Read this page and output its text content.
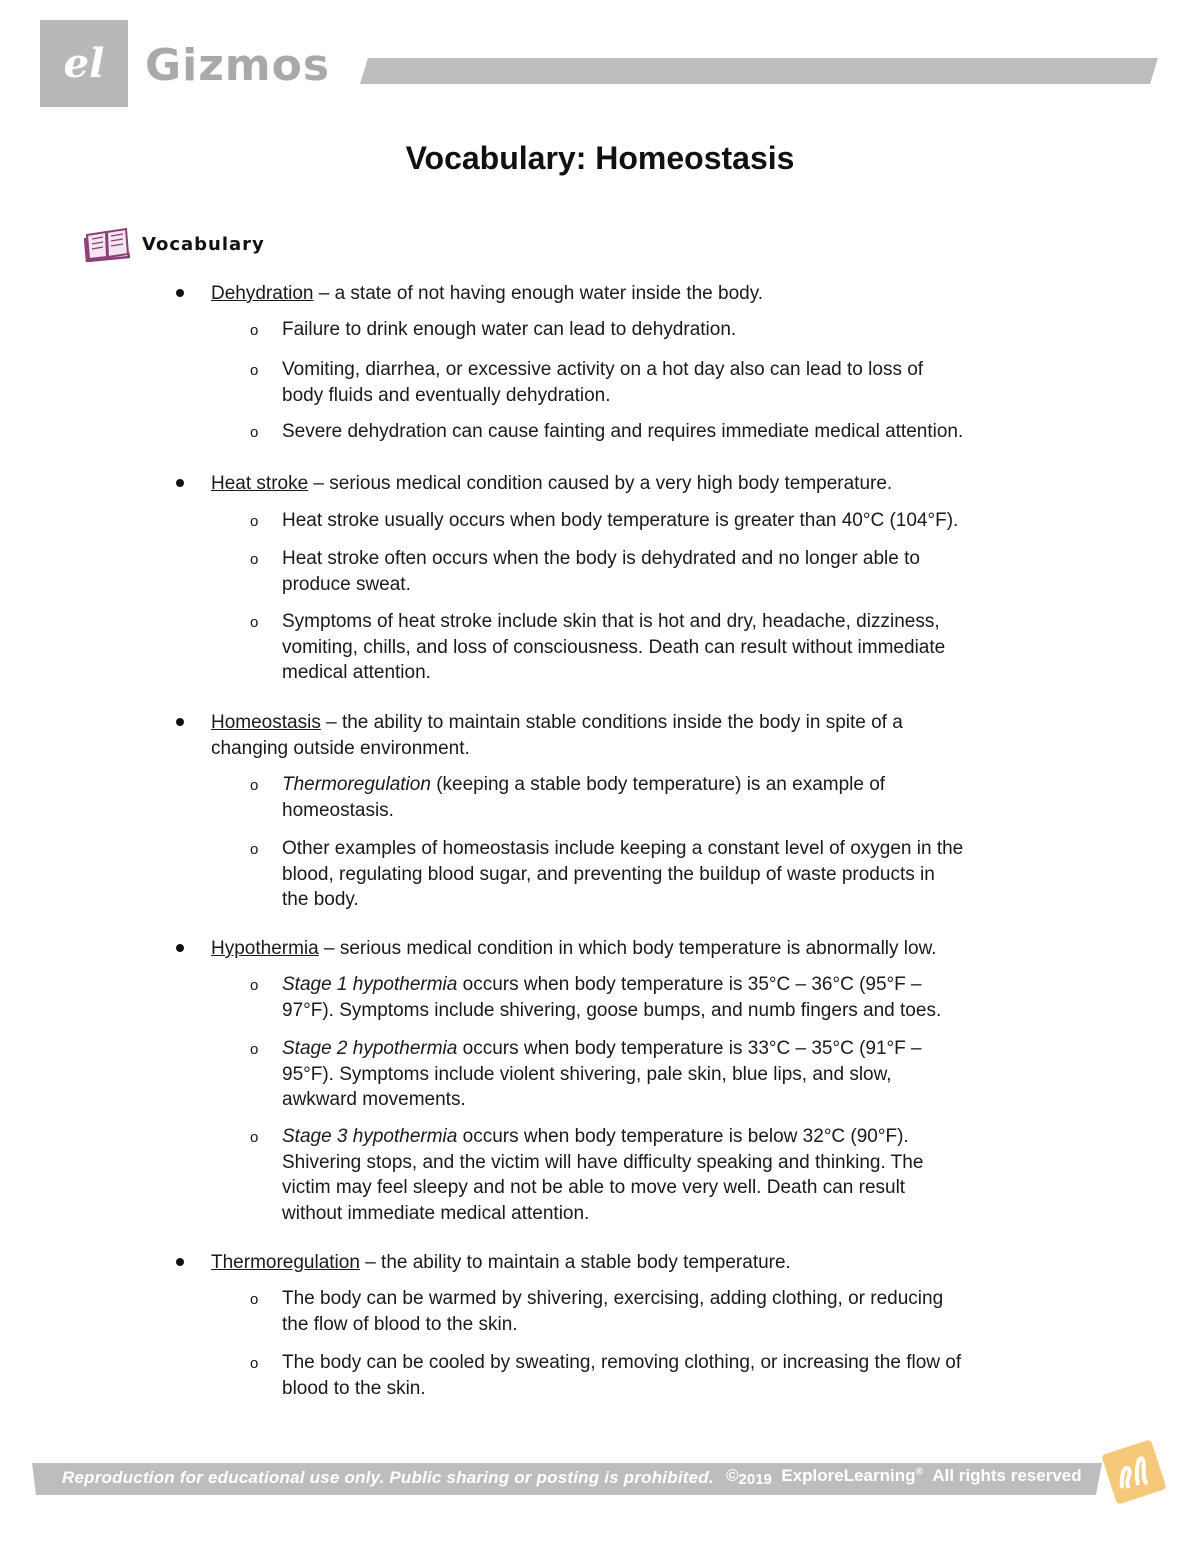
el Gizmos
Vocabulary: Homeostasis
Vocabulary
Dehydration – a state of not having enough water inside the body.
o Failure to drink enough water can lead to dehydration.
o Vomiting, diarrhea, or excessive activity on a hot day also can lead to loss of
body fluids and eventually dehydration.
o Severe dehydration can cause fainting and requires immediate medical attention.
Heat stroke – serious medical condition caused by a very high body temperature.
o Heat stroke usually occurs when body temperature is greater than 40°C (104°F).
o Heat stroke often occurs when the body is dehydrated and no longer able to
produce sweat.
o Symptoms of heat stroke include skin that is hot and dry, headache, dizziness,
vomiting, chills, and loss of consciousness. Death can result without immediate
medical attention.
Homeostasis – the ability to maintain stable conditions inside the body in spite of a
changing outside environment.
o Thermoregulation (keeping a stable body temperature) is an example of
homeostasis.
o Other examples of homeostasis include keeping a constant level of oxygen in the
blood, regulating blood sugar, and preventing the buildup of waste products in
the body.
Hypothermia – serious medical condition in which body temperature is abnormally low.
o Stage 1 hypothermia occurs when body temperature is 35°C – 36°C (95°F –
97°F). Symptoms include shivering, goose bumps, and numb fingers and toes.
o Stage 2 hypothermia occurs when body temperature is 33°C – 35°C (91°F –
95°F). Symptoms include violent shivering, pale skin, blue lips, and slow,
awkward movements.
o Stage 3 hypothermia occurs when body temperature is below 32°C (90°F).
Shivering stops, and the victim will have difficulty speaking and thinking. The
victim may feel sleepy and not be able to move very well. Death can result
without immediate medical attention.
Thermoregulation – the ability to maintain a stable body temperature.
o The body can be warmed by shivering, exercising, adding clothing, or reducing
the flow of blood to the skin.
o The body can be cooled by sweating, removing clothing, or increasing the flow of
blood to the skin.
Reproduction for educational use only. Public sharing or posting is prohibited. ©2019 ExploreLearning® All rights reserved
